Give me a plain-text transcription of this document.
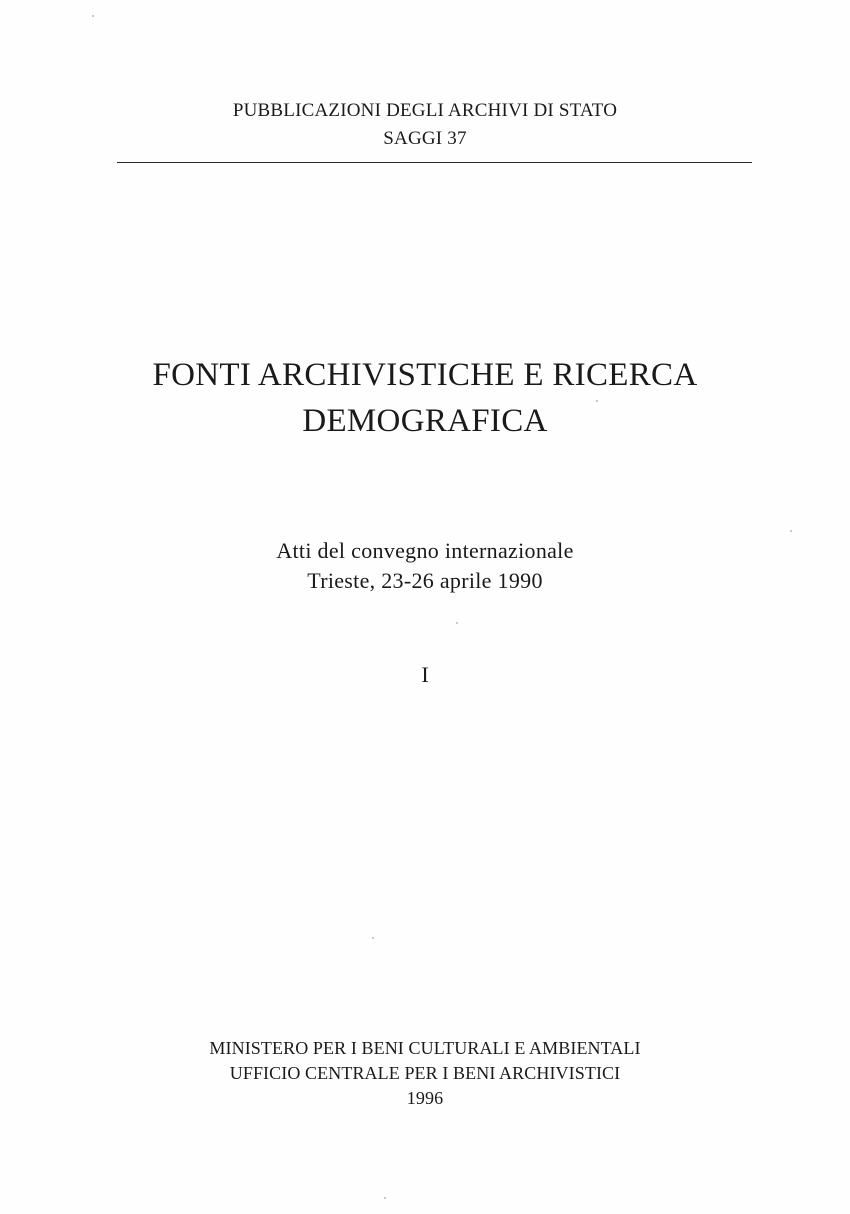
PUBBLICAZIONI DEGLI ARCHIVI DI STATO
SAGGI 37
FONTI ARCHIVISTICHE E RICERCA
DEMOGRAFICA
Atti del convegno internazionale
Trieste, 23-26 aprile 1990
I
MINISTERO PER I BENI CULTURALI E AMBIENTALI
UFFICIO CENTRALE PER I BENI ARCHIVISTICI
1996
